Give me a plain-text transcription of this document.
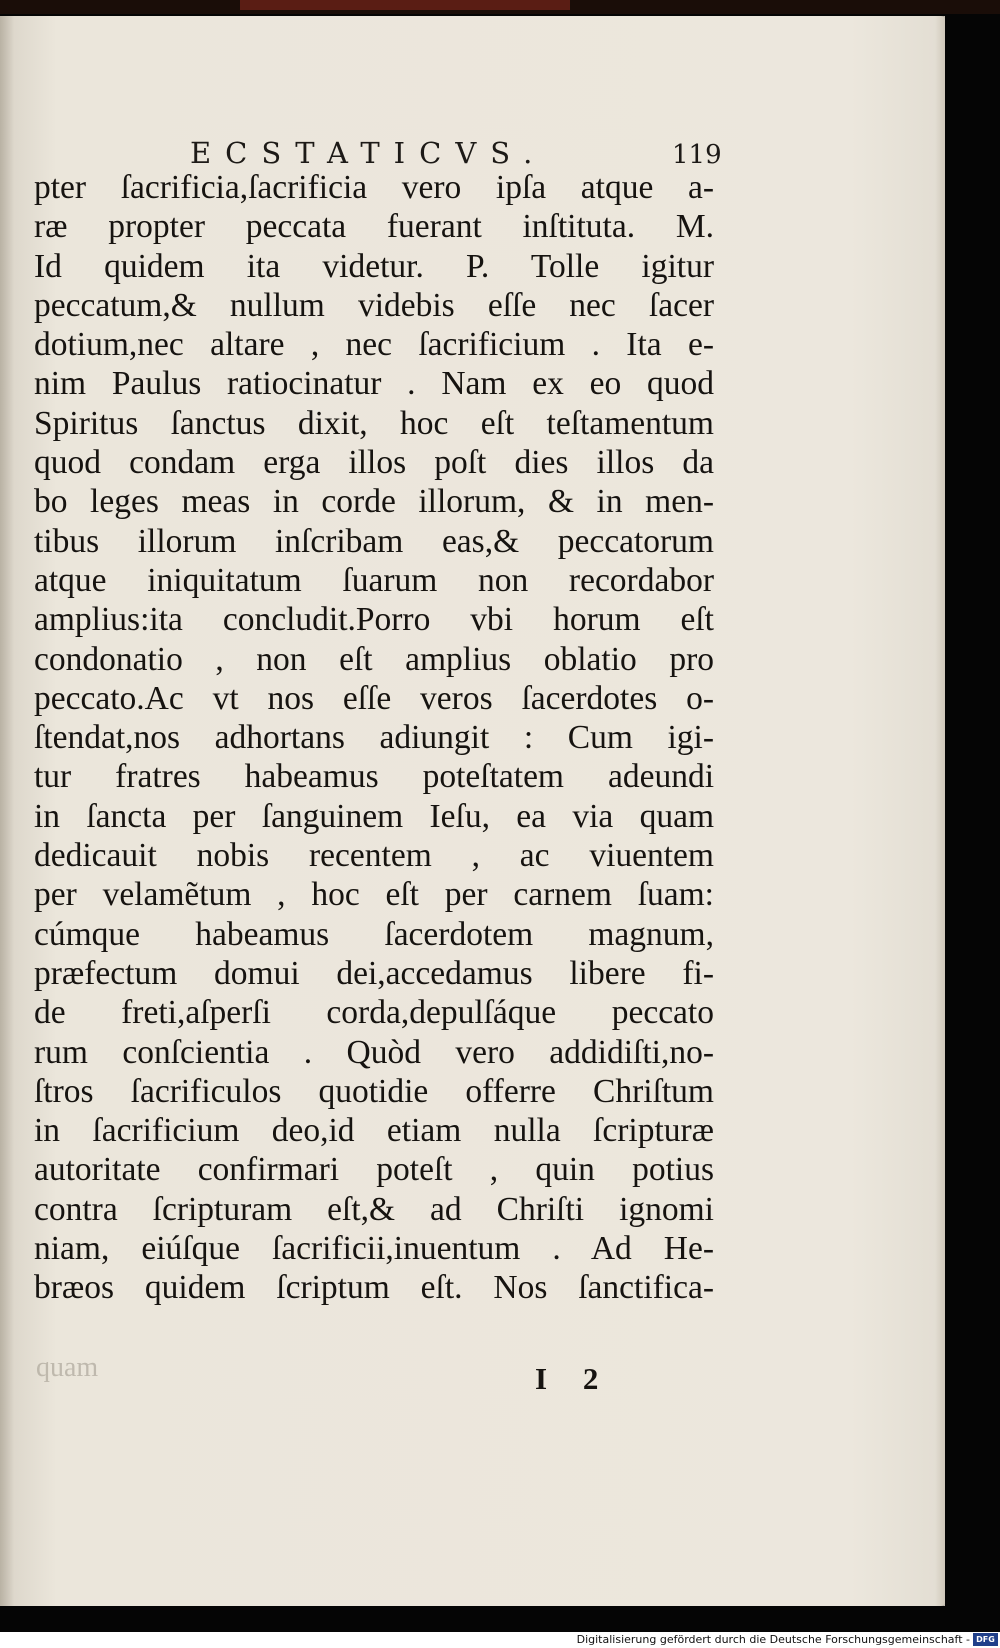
ECSTATICVS.	119
pter ſacrificia,ſacrificia vero ipſa atque a-
ræ propter peccata fuerant inſtituta. M.
Id quidem ita videtur. P. Tolle igitur
peccatum,& nullum videbis eſſe nec ſacer
dotium,nec altare , nec ſacrificium . Ita e-
nim Paulus ratiocinatur . Nam ex eo quod
Spiritus ſanctus dixit, hoc eſt teſtamentum
quod condam erga illos poſt dies illos da
bo leges meas in corde illorum, & in men-
tibus illorum inſcribam eas,& peccatorum
atque iniquitatum ſuarum non recordabor
amplius:ita concludit.Porro vbi horum eſt
condonatio , non eſt amplius oblatio pro
peccato.Ac vt nos eſſe veros ſacerdotes o-
ſtendat,nos adhortans adiungit : Cum igi-
tur fratres habeamus poteſtatem adeundi
in ſancta per ſanguinem Ieſu, ea via quam
dedicauit nobis recentem , ac viuentem
per velamẽtum , hoc eſt per carnem ſuam:
cúmque habeamus ſacerdotem magnum,
præfectum domui dei,accedamus libere fi-
de freti,aſperſi corda,depulſáque peccato
rum conſcientia . Quòd vero addidiſti,no-
ſtros ſacrificulos quotidie offerre Chriſtum
in ſacrificium deo,id etiam nulla ſcripturæ
autoritate confirmari poteſt , quin potius
contra ſcripturam eſt,& ad Chriſti ignomi
niam, eiúſque ſacrificii,inuentum . Ad He-
bræos quidem ſcriptum eſt. Nos ſanctifica-
quam	I 2
Digitalisierung gefördert durch die Deutsche Forschungsgemeinschaft - DFG
